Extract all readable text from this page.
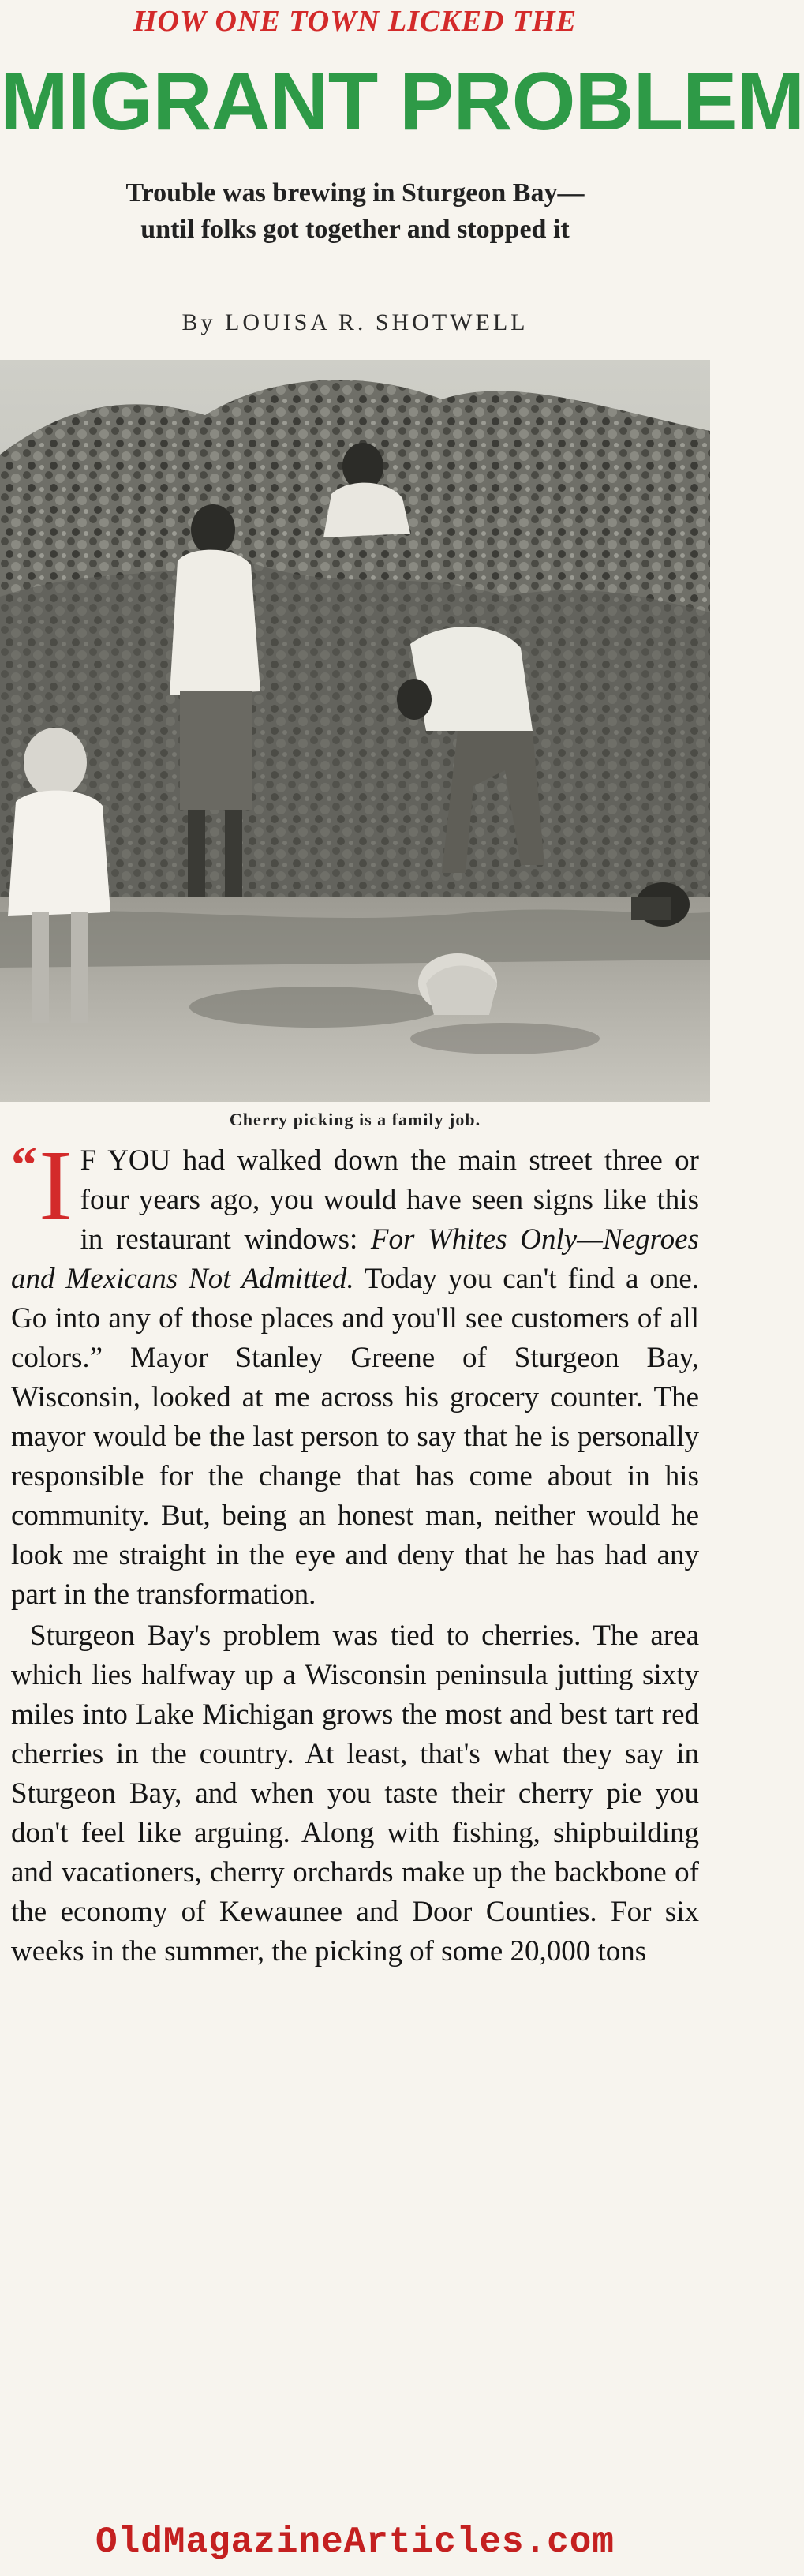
HOW ONE TOWN LICKED THE
MIGRANT PROBLEM
Trouble was brewing in Sturgeon Bay—
until folks got together and stopped it
By LOUISA R. SHOTWELL
Cherry picking is a family job.

“ I F YOU had walked down the main street three or four years ago, you would have seen signs like this in restaurant windows: For Whites Only—Negroes and Mexicans Not Admitted. Today you can't find a one. Go into any of those places and you'll see customers of all colors.” Mayor Stanley Greene of Sturgeon Bay, Wisconsin, looked at me across his grocery counter. The mayor would be the last person to say that he is personally responsible for the change that has come about in his community. But, being an honest man, neither would he look me straight in the eye and deny that he has had any part in the transformation.

Sturgeon Bay's problem was tied to cherries. The area which lies halfway up a Wisconsin peninsula jutting sixty miles into Lake Michigan grows the most and best tart red cherries in the country. At least, that's what they say in Sturgeon Bay, and when you taste their cherry pie you don't feel like arguing. Along with fishing, shipbuilding and vacationers, cherry orchards make up the backbone of the economy of Kewaunee and Door Counties. For six weeks in the summer, the picking of some 20,000 tons

OldMagazineArticles.com
